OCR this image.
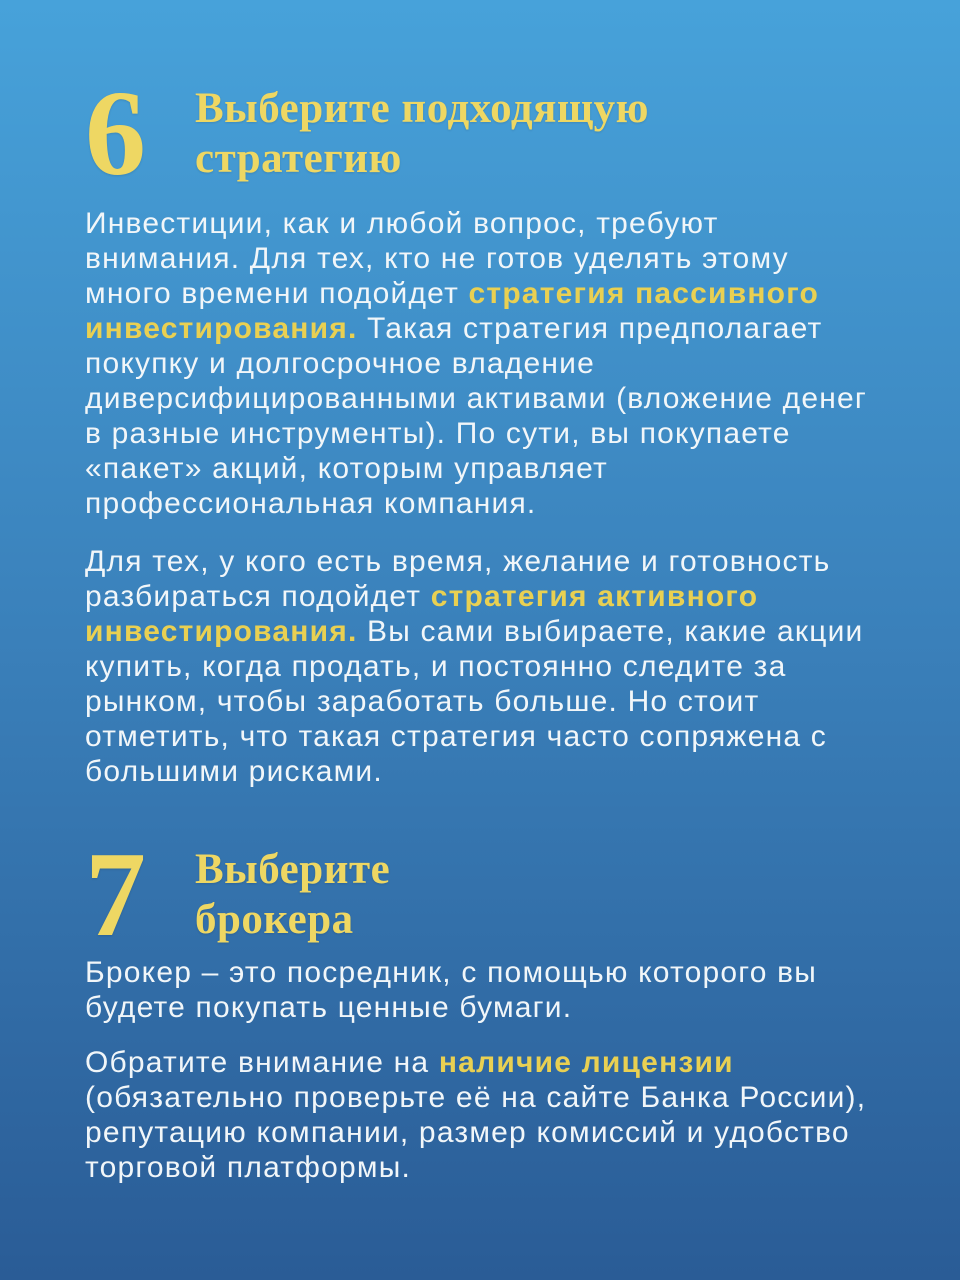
6	Выберите подходящую
стратегию

Инвестиции, как и любой вопрос, требуют внимания. Для тех, кто не готов уделять этому много времени подойдет стратегия пассивного инвестирования. Такая стратегия предполагает покупку и долгосрочное владение диверсифицированными активами (вложение денег в разные инструменты). По сути, вы покупаете «пакет» акций, которым управляет профессиональная компания.

Для тех, у кого есть время, желание и готовность разбираться подойдет стратегия активного инвестирования. Вы сами выбираете, какие акции купить, когда продать, и постоянно следите за рынком, чтобы заработать больше. Но стоит отметить, что такая стратегия часто сопряжена с большими рисками.

7	Выберите
брокера

Брокер – это посредник, с помощью которого вы будете покупать ценные бумаги.

Обратите внимание на наличие лицензии (обязательно проверьте её на сайте Банка России), репутацию компании, размер комиссий и удобство торговой платформы.
